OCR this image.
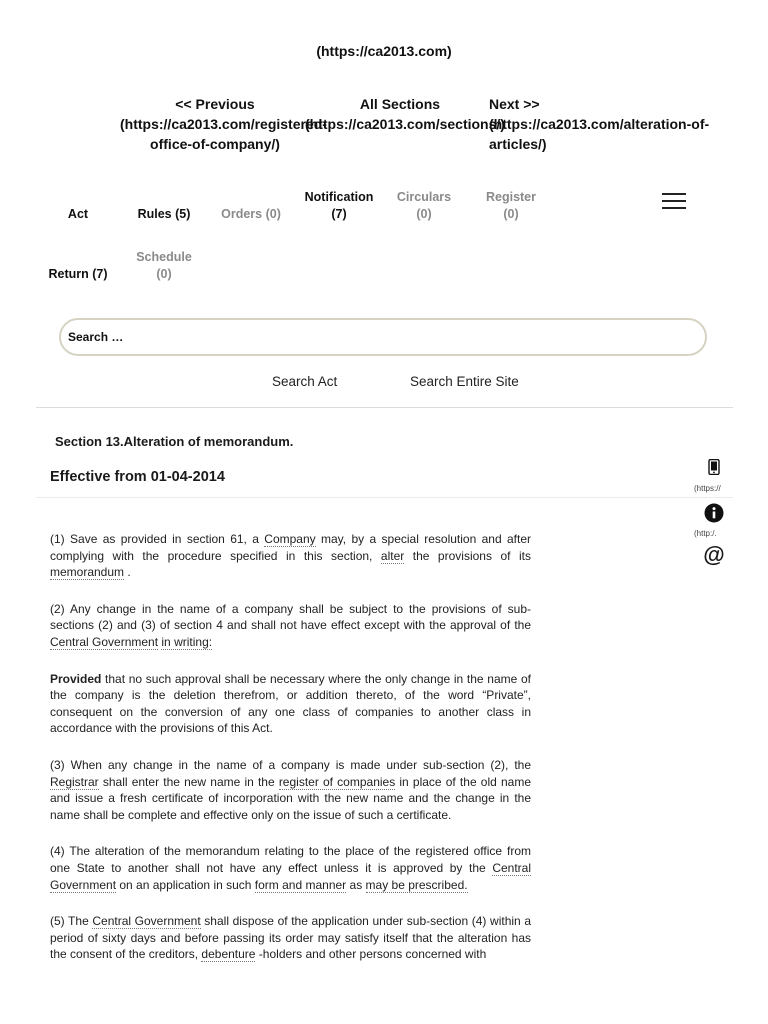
(https://ca2013.com)
<< Previous
(https://ca2013.com/registered-office-of-company/)
All Sections
(https://ca2013.com/sections/)
Next >>
(https://ca2013.com/alteration-of-articles/)
Act	Rules (5)	Orders (0)
Notification
(7)
Circulars
(0)
Register
(0)
Return (7)
Schedule
(0)
Search …
Search Act	Search Entire Site
Section 13.Alteration of memorandum.
Effective from 01-04-2014
(https://
(http:/.
@

(1) Save as provided in section 61, a Company may, by a special resolution and after complying with the procedure specified in this section, alter the provisions of its memorandum .

(2) Any change in the name of a company shall be subject to the provisions of sub-sections (2) and (3) of section 4 and shall not have effect except with the approval of the Central Government in writing:

Provided that no such approval shall be necessary where the only change in the name of the company is the deletion therefrom, or addition thereto, of the word “Private”, consequent on the conversion of any one class of companies to another class in accordance with the provisions of this Act.

(3) When any change in the name of a company is made under sub-section (2), the Registrar shall enter the new name in the register of companies in place of the old name and issue a fresh certificate of incorporation with the new name and the change in the name shall be complete and effective only on the issue of such a certificate.

(4) The alteration of the memorandum relating to the place of the registered office from one State to another shall not have any effect unless it is approved by the Central Government on an application in such form and manner as may be prescribed.

(5) The Central Government shall dispose of the application under sub-section (4) within a period of sixty days and before passing its order may satisfy itself that the alteration has the consent of the creditors, debenture -holders and other persons concerned with
